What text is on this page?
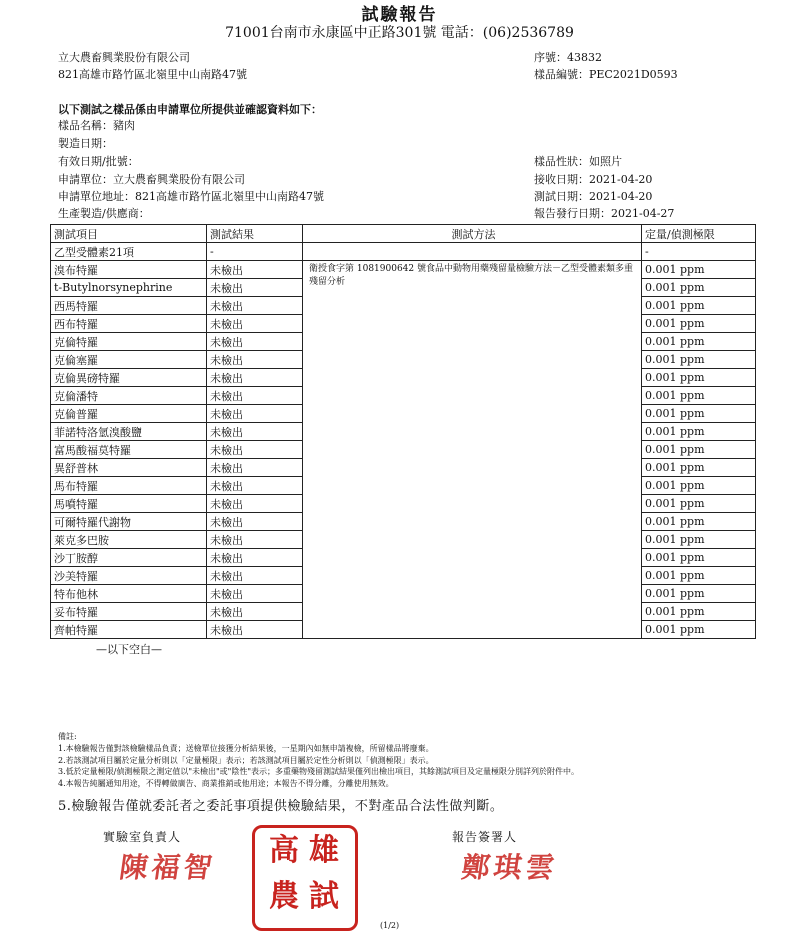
試驗報告
71001台南市永康區中正路301號 電話：(06)2536789
立大農畜興業股份有限公司
821高雄市路竹區北嶺里中山南路47號
序號：43832
樣品編號：PEC2021D0593
以下測試之樣品係由申請單位所提供並確認資料如下：
樣品名稱：豬肉
製造日期：
有效日期/批號：
申請單位：立大農畜興業股份有限公司
申請單位地址：821高雄市路竹區北嶺里中山南路47號
生產製造/供應商：
樣品性狀：如照片
接收日期：2021-04-20
測試日期：2021-04-20
報告發行日期：2021-04-27
測試項目	測試結果	測試方法	定量/偵測極限
乙型受體素21項	-		-
溴布特羅	未檢出	衛授食字第 1081900642 號食品中動物用藥殘留量檢驗方法－乙型受體素類多重殘留分析	0.001 ppm
t-Butylnorsynephrine	未檢出		0.001 ppm
西馬特羅	未檢出		0.001 ppm
西布特羅	未檢出		0.001 ppm
克倫特羅	未檢出		0.001 ppm
克倫塞羅	未檢出		0.001 ppm
克倫異磅特羅	未檢出		0.001 ppm
克倫潘特	未檢出		0.001 ppm
克倫普羅	未檢出		0.001 ppm
菲諾特洛氫溴酸鹽	未檢出		0.001 ppm
富馬酸福莫特羅	未檢出		0.001 ppm
異舒普林	未檢出		0.001 ppm
馬布特羅	未檢出		0.001 ppm
馬噴特羅	未檢出		0.001 ppm
可爾特羅代謝物	未檢出		0.001 ppm
萊克多巴胺	未檢出		0.001 ppm
沙丁胺醇	未檢出		0.001 ppm
沙美特羅	未檢出		0.001 ppm
特布他林	未檢出		0.001 ppm
妥布特羅	未檢出		0.001 ppm
齊帕特羅	未檢出		0.001 ppm
—以下空白—
備註:
1.本檢驗報告僅對該檢驗樣品負責；送檢單位接獲分析結果後，一星期內如無申請複檢，所留樣品將廢棄。
2.若該測試項目屬於定量分析則以「定量極限」表示；若該測試項目屬於定性分析則以「偵測極限」表示。
3.低於定量極限/偵測極限之測定值以"未檢出"或"陰性"表示；多重藥物殘留測試結果僅列出檢出項目，其餘測試項目及定量極限分別詳列於附件中。
4.本報告純屬通知用途，不得轉做廣告、商業推銷或他用途；本報告不得分離，分離使用無效。
5.檢驗報告僅就委託者之委託事項提供檢驗結果，不對產品合法性做判斷。
實驗室負責人
陳福智 高 雄
農 試
報告簽署人
鄭琪雲
(1/2)
